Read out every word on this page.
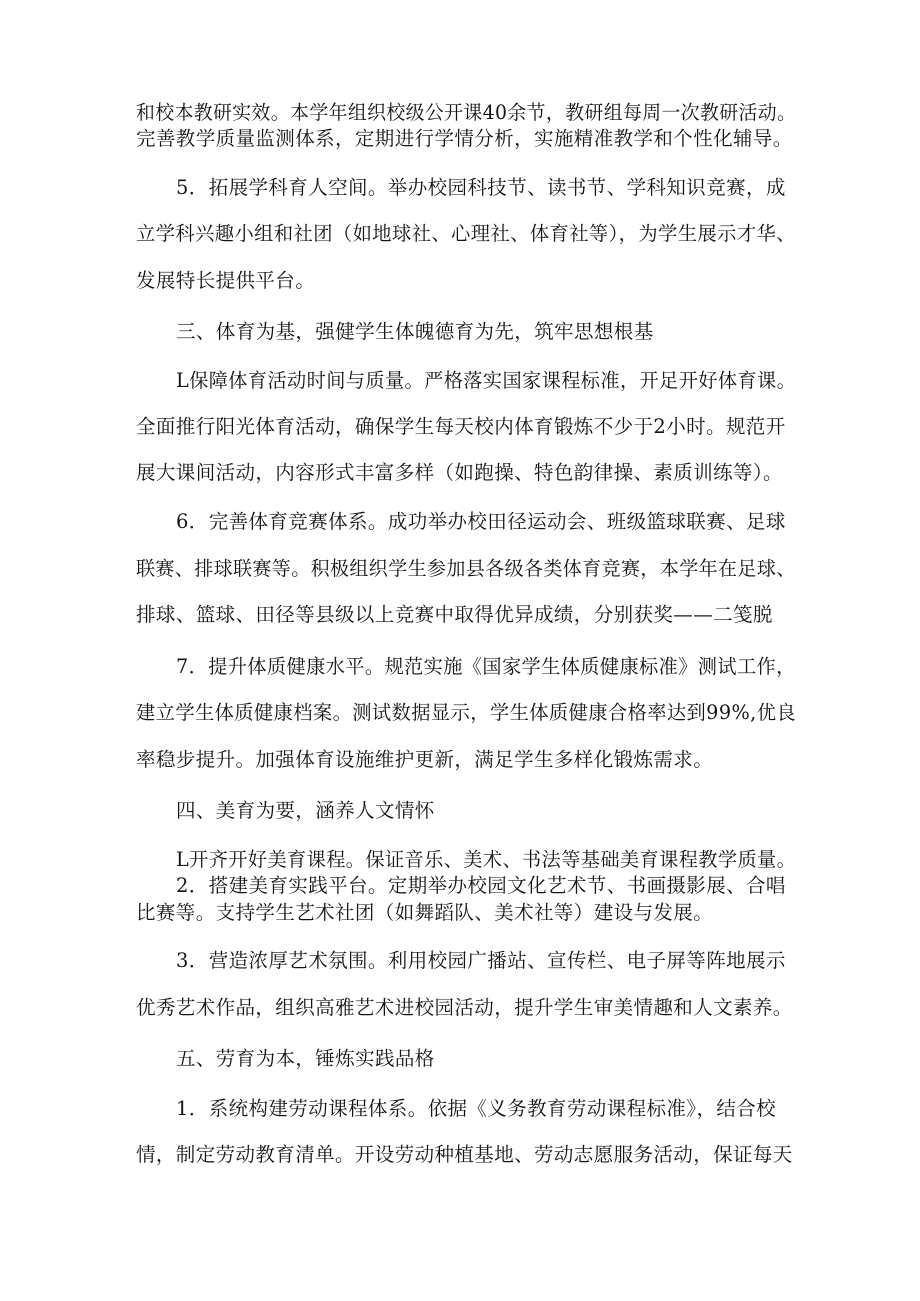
和校本教研实效。本学年组织校级公开课40余节，教研组每周一次教研活动。
完善教学质量监测体系，定期进行学情分析，实施精准教学和个性化辅导。
5．拓展学科育人空间。举办校园科技节、读书节、学科知识竞赛，成
立学科兴趣小组和社团（如地球社、心理社、体育社等），为学生展示才华、
发展特长提供平台。
三、体育为基，强健学生体魄德育为先，筑牢思想根基
L保障体育活动时间与质量。严格落实国家课程标准，开足开好体育课。
全面推行阳光体育活动，确保学生每天校内体育锻炼不少于2小时。规范开
展大课间活动，内容形式丰富多样（如跑操、特色韵律操、素质训练等）。
6．完善体育竞赛体系。成功举办校田径运动会、班级篮球联赛、足球
联赛、排球联赛等。积极组织学生参加县各级各类体育竞赛，本学年在足球、
排球、篮球、田径等县级以上竞赛中取得优异成绩，分别获奖——二笺脱
7．提升体质健康水平。规范实施《国家学生体质健康标准》测试工作，
建立学生体质健康档案。测试数据显示，学生体质健康合格率达到99%,优良
率稳步提升。加强体育设施维护更新，满足学生多样化锻炼需求。
四、美育为要，涵养人文情怀
L开齐开好美育课程。保证音乐、美术、书法等基础美育课程教学质量。
2．搭建美育实践平台。定期举办校园文化艺术节、书画摄影展、合唱
比赛等。支持学生艺术社团（如舞蹈队、美术社等）建设与发展。
3．营造浓厚艺术氛围。利用校园广播站、宣传栏、电子屏等阵地展示
优秀艺术作品，组织高雅艺术进校园活动，提升学生审美情趣和人文素养。
五、劳育为本，锤炼实践品格
1．系统构建劳动课程体系。依据《义务教育劳动课程标准》，结合校
情，制定劳动教育清单。开设劳动种植基地、劳动志愿服务活动，保证每天
